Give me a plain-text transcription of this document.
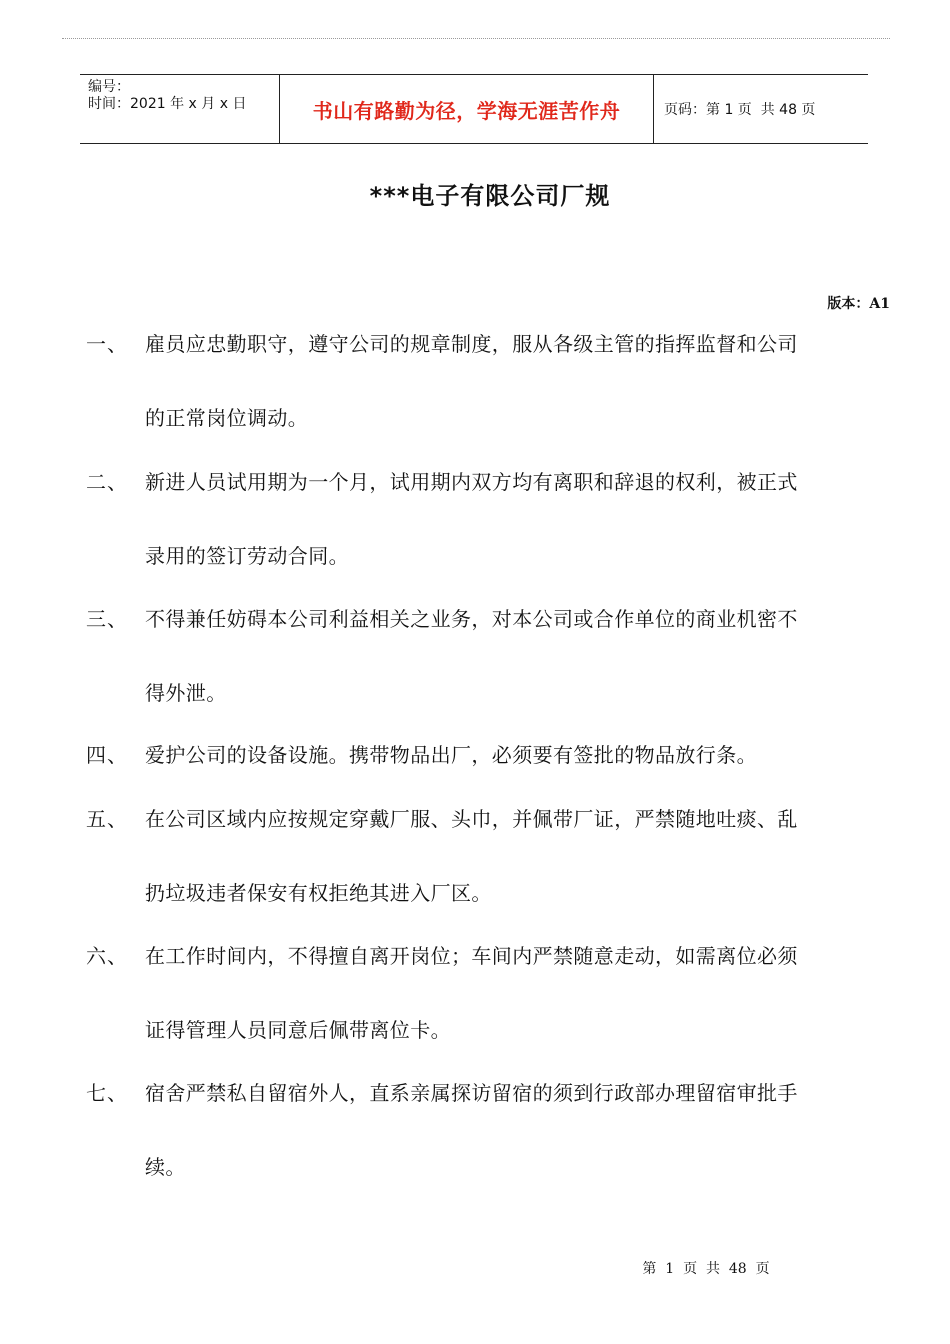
编号：
时间：2021 年 x 月 x 日	书山有路勤为径，学海无涯苦作舟	页码：第 1 页  共 48 页
***电子有限公司厂规
版本：A1
一、 雇员应忠勤职守，遵守公司的规章制度，服从各级主管的指挥监督和公司
的正常岗位调动。
二、 新进人员试用期为一个月，试用期内双方均有离职和辞退的权利，被正式
录用的签订劳动合同。
三、 不得兼任妨碍本公司利益相关之业务，对本公司或合作单位的商业机密不
得外泄。
四、 爱护公司的设备设施。携带物品出厂，必须要有签批的物品放行条。
五、 在公司区域内应按规定穿戴厂服、头巾，并佩带厂证，严禁随地吐痰、乱
扔垃圾违者保安有权拒绝其进入厂区。
六、 在工作时间内，不得擅自离开岗位；车间内严禁随意走动，如需离位必须
证得管理人员同意后佩带离位卡。
七、 宿舍严禁私自留宿外人，直系亲属探访留宿的须到行政部办理留宿审批手
续。
第  1  页  共  48  页
